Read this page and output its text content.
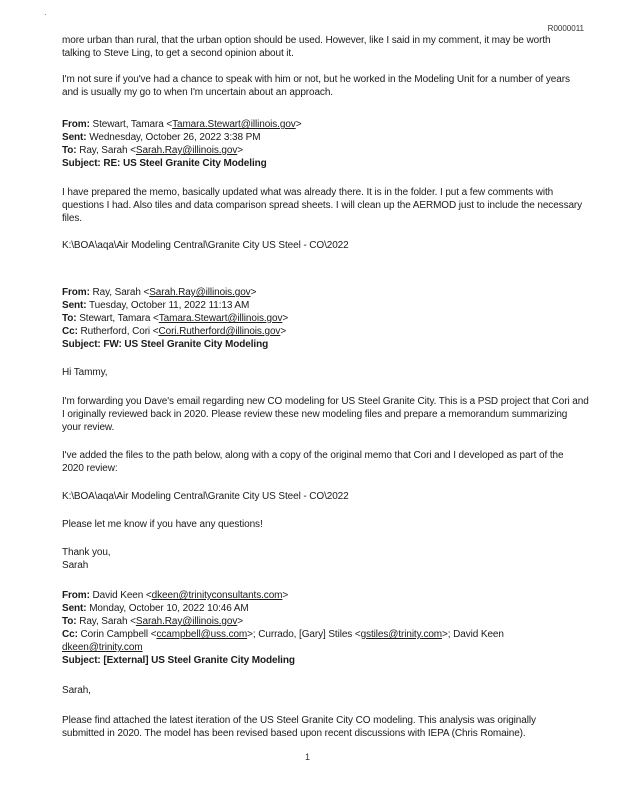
·
R0000011
more urban than rural, that the urban option should be used. However, like I said in my comment, it may be worth
talking to Steve Ling, to get a second opinion about it.
I'm not sure if you've had a chance to speak with him or not, but he worked in the Modeling Unit for a number of years
and is usually my go to when I'm uncertain about an approach.
From: Stewart, Tamara <Tamara.Stewart@illinois.gov>
Sent: Wednesday, October 26, 2022 3:38 PM
To: Ray, Sarah <Sarah.Ray@illinois.gov>
Subject: RE: US Steel Granite City Modeling
I have prepared the memo, basically updated what was already there. It is in the folder. I put a few comments with
questions I had. Also tiles and data comparison spread sheets. I will clean up the AERMOD just to include the necessary
files.
K:\BOA\aqa\Air Modeling Central\Granite City US Steel - CO\2022
From: Ray, Sarah <Sarah.Ray@illinois.gov>
Sent: Tuesday, October 11, 2022 11:13 AM
To: Stewart, Tamara <Tamara.Stewart@illinois.gov>
Cc: Rutherford, Cori <Cori.Rutherford@illinois.gov>
Subject: FW: US Steel Granite City Modeling
Hi Tammy,
I'm forwarding you Dave's email regarding new CO modeling for US Steel Granite City. This is a PSD project that Cori and
I originally reviewed back in 2020. Please review these new modeling files and prepare a memorandum summarizing
your review.
I've added the files to the path below, along with a copy of the original memo that Cori and I developed as part of the
2020 review:
K:\BOA\aqa\Air Modeling Central\Granite City US Steel - CO\2022
Please let me know if you have any questions!
Thank you,
Sarah
From: David Keen <dkeen@trinityconsultants.com>
Sent: Monday, October 10, 2022 10:46 AM
To: Ray, Sarah <Sarah.Ray@illinois.gov>
Cc: Corin Campbell <ccampbell@uss.com>; Currado, [Gary] Stiles <gstiles@trinity.com>; David Keen
dkeen@trinity.com
Subject: [External] US Steel Granite City Modeling
Sarah,
Please find attached the latest iteration of the US Steel Granite City CO modeling. This analysis was originally
submitted in 2020. The model has been revised based upon recent discussions with IEPA (Chris Romaine).
1
